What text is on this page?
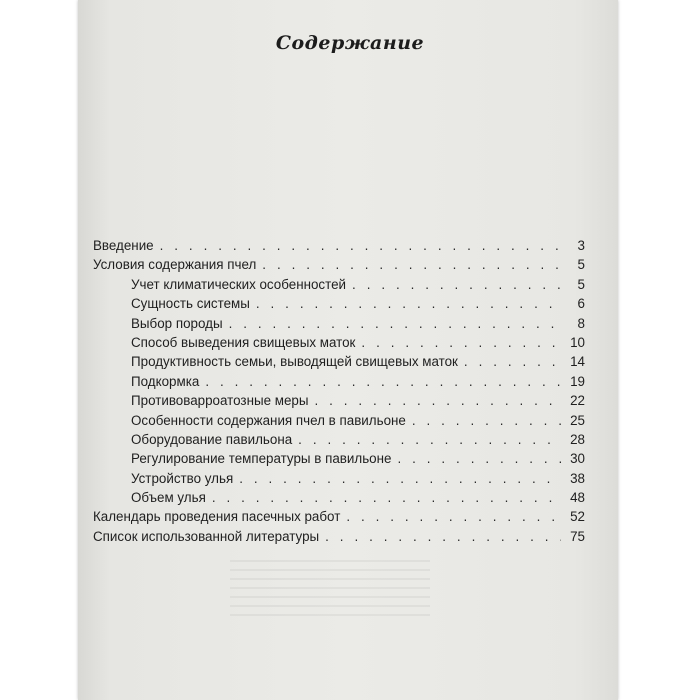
Содержание
Введение . . .	3
Условия содержания пчел . . .	5
Учет климатических особенностей . . .	5
Сущность системы . . .	6
Выбор породы . . .	8
Способ выведения свищевых маток . . .	10
Продуктивность семьи, выводящей свищевых маток . . .	14
Подкормка . . .	19
Противоварроатозные меры . . .	22
Особенности содержания пчел в павильоне . . .	25
Оборудование павильона . . .	28
Регулирование температуры в павильоне . . .	30
Устройство улья . . .	38
Объем улья . . .	48
Календарь проведения пасечных работ . . .	52
Список использованной литературы . . .	75
